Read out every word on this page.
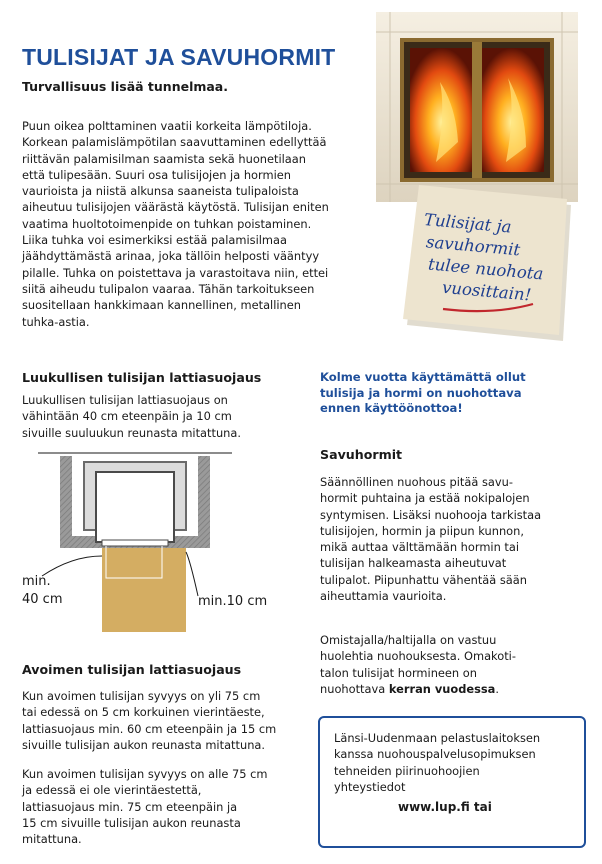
TULISIJAT JA SAVUHORMIT
Turvallisuus lisää tunnelmaa.

Puun oikea polttaminen vaatii korkeita lämpötiloja.

Korkean palamislämpötilan saavuttaminen edellyttää

riittävän palamisilman saamista sekä huonetilaan

että tulipesään. Suuri osa tulisijojen ja hormien

vaurioista ja niistä alkunsa saaneista tulipaloista

aiheutuu tulisijojen väärästä käytöstä. Tulisijan eniten

vaatima huoltotoimenpide on tuhkan poistaminen.

Liika tuhka voi esimerkiksi estää palamisilmaa

jäähdyttämästä arinaa, joka tällöin helposti vääntyy

pilalle. Tuhka on poistettava ja varastoitava niin, ettei

siitä aiheudu tulipalon vaaraa. Tähän tarkoitukseen

suositellaan hankkimaan kannellinen, metallinen

tuhka-astia.

Tulisijat ja
savuhormit
tulee nuohota
vuosittain!
Luukullisen tulisijan lattiasuojaus

Luukullisen tulisijan lattiasuojaus on

vähintään 40 cm eteenpäin ja 10 cm

sivuille suuluukun reunasta mitattuna.

min.
40 cm	min.10 cm
Avoimen tulisijan lattiasuojaus

Kun avoimen tulisijan syvyys on yli 75 cm

tai edessä on 5 cm korkuinen vierintäeste,

lattiasuojaus min. 60 cm eteenpäin ja 15 cm

sivuille tulisijan aukon reunasta mitattuna.

Kun avoimen tulisijan syvyys on alle 75 cm

ja edessä ei ole vierintäestettä,

lattiasuojaus min. 75 cm eteenpäin ja

15 cm sivuille tulisijan aukon reunasta

mitattuna.

Kolme vuotta käyttämättä ollut
tulisija ja hormi on nuohottava
ennen käyttöönottoa!
Savuhormit

Säännöllinen nuohous pitää savu-

hormit puhtaina ja estää nokipalojen

syntymisen. Lisäksi nuohooja tarkistaa

tulisijojen, hormin ja piipun kunnon,

mikä auttaa välttämään hormin tai

tulisijan halkeamasta aiheutuvat

tulipalot. Piipunhattu vähentää sään

aiheuttamia vaurioita.

Omistajalla/haltijalla on vastuu

huolehtia nuohouksesta. Omakoti-

talon tulisijat hormineen on

nuohottava kerran vuodessa.

Länsi-Uudenmaan pelastuslaitoksen

kanssa nuohouspalvelusopimuksen

tehneiden piirinuohoojien

yhteystiedot

www.lup.fi tai
